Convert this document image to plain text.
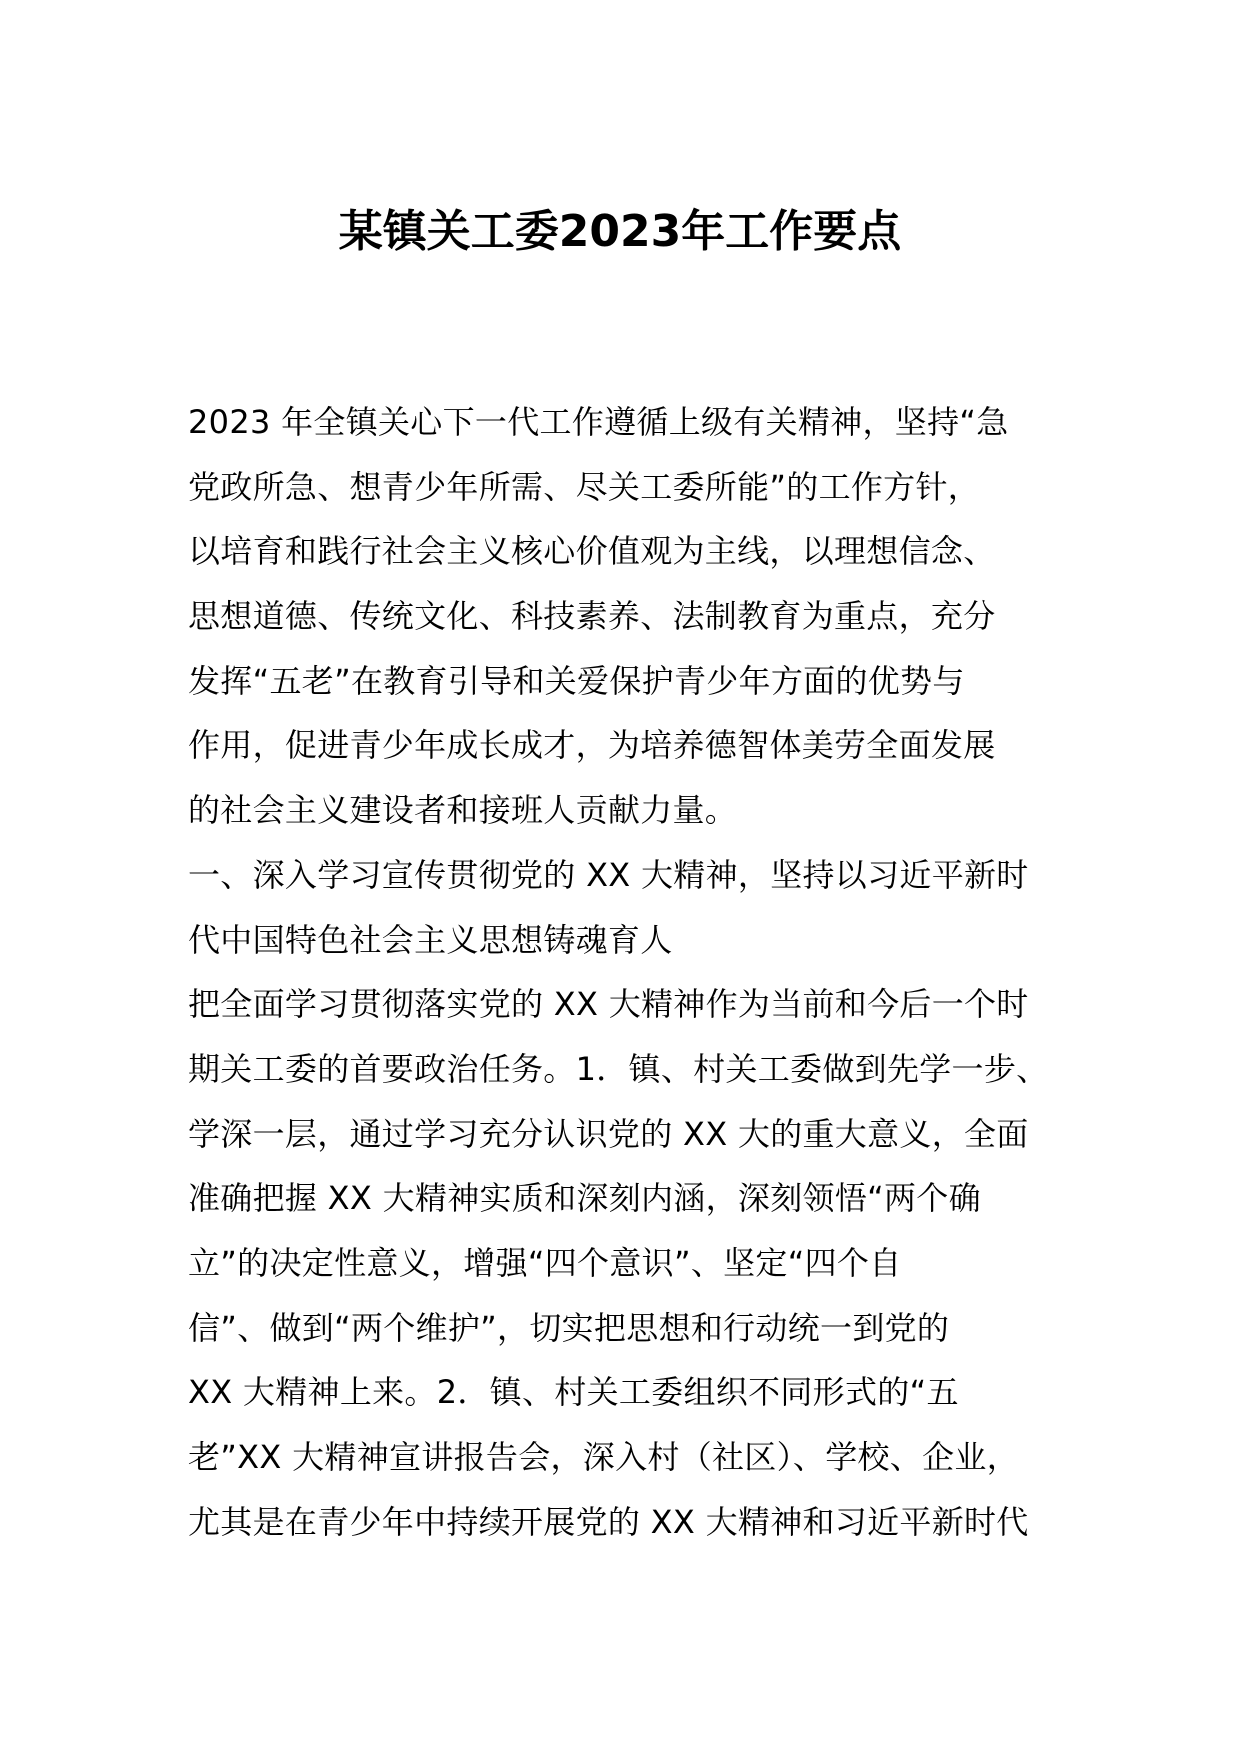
某镇关工委2023年工作要点
2023 年全镇关心下一代工作遵循上级有关精神，坚持“急
党政所急、想青少年所需、尽关工委所能”的工作方针，
以培育和践行社会主义核心价值观为主线，以理想信念、
思想道德、传统文化、科技素养、法制教育为重点，充分
发挥“五老”在教育引导和关爱保护青少年方面的优势与
作用，促进青少年成长成才，为培养德智体美劳全面发展
的社会主义建设者和接班人贡献力量。
一、深入学习宣传贯彻党的 XX 大精神，坚持以习近平新时
代中国特色社会主义思想铸魂育人
把全面学习贯彻落实党的 XX 大精神作为当前和今后一个时
期关工委的首要政治任务。1．镇、村关工委做到先学一步、
学深一层，通过学习充分认识党的 XX 大的重大意义，全面
准确把握 XX 大精神实质和深刻内涵，深刻领悟“两个确
立”的决定性意义，增强“四个意识”、坚定“四个自
信”、做到“两个维护”，切实把思想和行动统一到党的
XX 大精神上来。2．镇、村关工委组织不同形式的“五
老”XX 大精神宣讲报告会，深入村（社区）、学校、企业，
尤其是在青少年中持续开展党的 XX 大精神和习近平新时代
